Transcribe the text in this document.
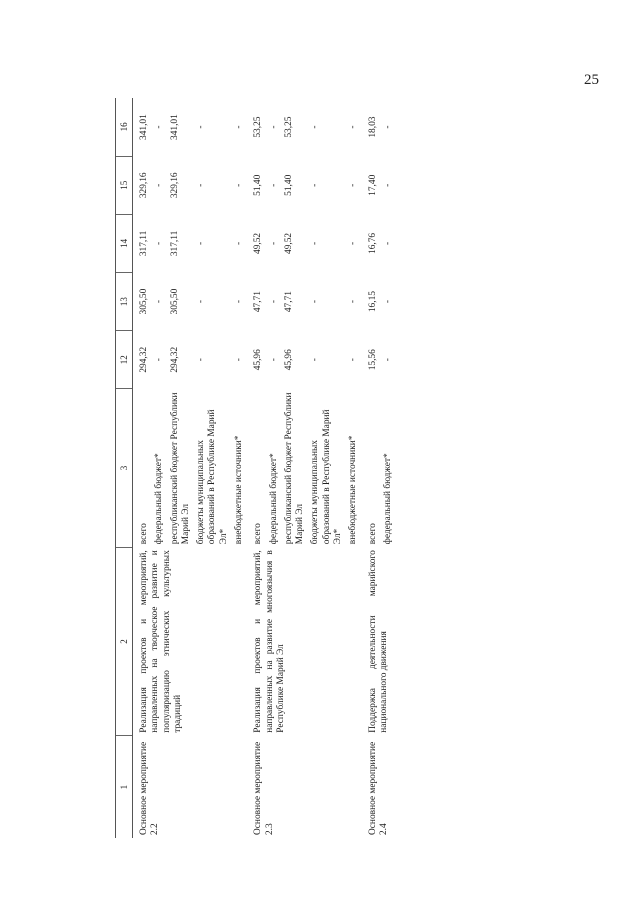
25
1	2	3	12	13	14	15	16
Основное мероприятие 2.2	Реализация проектов и мероприятий, направленных на творческое развитие и популяризацию этнических культурных традиций	всего	294,32	305,50	317,11	329,16	341,01
		федеральный бюджет*	-	-	-	-	-
		республиканский бюджет Республики Марий Эл	294,32	305,50	317,11	329,16	341,01
		бюджеты муниципальных образований в Республике Марий Эл*	-	-	-	-	-
		внебюджетные источники*	-	-	-	-	-
Основное мероприятие 2.3	Реализация проектов и мероприятий, направленных на развитие многоязычия в Республике Марий Эл	всего	45,96	47,71	49,52	51,40	53,25
		федеральный бюджет*	-	-	-	-	-
		республиканский бюджет Республики Марий Эл	45,96	47,71	49,52	51,40	53,25
		бюджеты муниципальных образований в Республике Марий Эл*	-	-	-	-	-
		внебюджетные источники*	-	-	-	-	-
Основное мероприятие 2.4	Поддержка деятельности марийского национального движения	всего	15,56	16,15	16,76	17,40	18,03
		федеральный бюджет*	-	-	-	-	-
